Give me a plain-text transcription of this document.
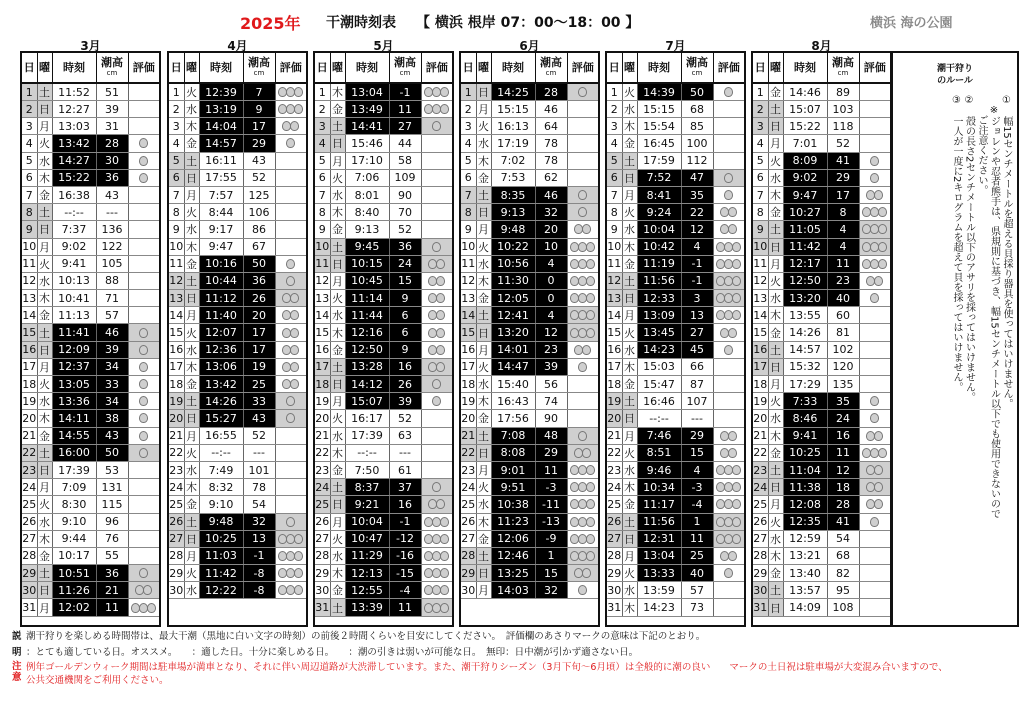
2025年 干潮時刻表 【 横浜 根岸 07：00〜18：00 】	横浜 海の公園
3月
日	曜	時刻	潮高
cm	評価
1	土	11:52	51	
2	日	12:27	39	
3	月	13:03	31	
4	火	13:42	28	
5	水	14:27	30	
6	木	15:22	36	
7	金	16:38	43	
8	土	--:--	---	
9	日	7:37	136	
10	月	9:02	122	
11	火	9:41	105	
12	水	10:13	88	
13	木	10:41	71	
14	金	11:13	57	
15	土	11:41	46	
16	日	12:09	39	
17	月	12:37	34	
18	火	13:05	33	
19	水	13:36	34	
20	木	14:11	38	
21	金	14:55	43	
22	土	16:00	50	
23	日	17:39	53	
24	月	7:09	131	
25	火	8:30	115	
26	水	9:10	96	
27	木	9:44	76	
28	金	10:17	55	
29	土	10:51	36	
30	日	11:26	21	
31	月	12:02	11	
4月
日	曜	時刻	潮高
cm	評価
1	火	12:39	7	
2	水	13:19	9	
3	木	14:04	17	
4	金	14:57	29	
5	土	16:11	43	
6	日	17:55	52	
7	月	7:57	125	
8	火	8:44	106	
9	水	9:17	86	
10	木	9:47	67	
11	金	10:16	50	
12	土	10:44	36	
13	日	11:12	26	
14	月	11:40	20	
15	火	12:07	17	
16	水	12:36	17	
17	木	13:06	19	
18	金	13:42	25	
19	土	14:26	33	
20	日	15:27	43	
21	月	16:55	52	
22	火	--:--	---	
23	水	7:49	101	
24	木	8:32	78	
25	金	9:10	54	
26	土	9:48	32	
27	日	10:25	13	
28	月	11:03	-1	
29	火	11:42	-8	
30	水	12:22	-8	
5月
日	曜	時刻	潮高
cm	評価
1	木	13:04	-1	
2	金	13:49	11	
3	土	14:41	27	
4	日	15:46	44	
5	月	17:10	58	
6	火	7:06	109	
7	水	8:01	90	
8	木	8:40	70	
9	金	9:13	52	
10	土	9:45	36	
11	日	10:15	24	
12	月	10:45	15	
13	火	11:14	9	
14	水	11:44	6	
15	木	12:16	6	
16	金	12:50	9	
17	土	13:28	16	
18	日	14:12	26	
19	月	15:07	39	
20	火	16:17	52	
21	水	17:39	63	
22	木	--:--	---	
23	金	7:50	61	
24	土	8:37	37	
25	日	9:21	16	
26	月	10:04	-1	
27	火	10:47	-12	
28	水	11:29	-16	
29	木	12:13	-15	
30	金	12:55	-4	
31	土	13:39	11	
6月
日	曜	時刻	潮高
cm	評価
1	日	14:25	28	
2	月	15:15	46	
3	火	16:13	64	
4	水	17:19	78	
5	木	7:02	78	
6	金	7:53	62	
7	土	8:35	46	
8	日	9:13	32	
9	月	9:48	20	
10	火	10:22	10	
11	水	10:56	4	
12	木	11:30	0	
13	金	12:05	0	
14	土	12:41	4	
15	日	13:20	12	
16	月	14:01	23	
17	火	14:47	39	
18	水	15:40	56	
19	木	16:43	74	
20	金	17:56	90	
21	土	7:08	48	
22	日	8:08	29	
23	月	9:01	11	
24	火	9:51	-3	
25	水	10:38	-11	
26	木	11:23	-13	
27	金	12:06	-9	
28	土	12:46	1	
29	日	13:25	15	
30	月	14:03	32	
7月
日	曜	時刻	潮高
cm	評価
1	火	14:39	50	
2	水	15:15	68	
3	木	15:54	85	
4	金	16:45	100	
5	土	17:59	112	
6	日	7:52	47	
7	月	8:41	35	
8	火	9:24	22	
9	水	10:04	12	
10	木	10:42	4	
11	金	11:19	-1	
12	土	11:56	-1	
13	日	12:33	3	
14	月	13:09	13	
15	火	13:45	27	
16	水	14:23	45	
17	木	15:03	66	
18	金	15:47	87	
19	土	16:46	107	
20	日	--:--	---	
21	月	7:46	29	
22	火	8:51	15	
23	水	9:46	4	
24	木	10:34	-3	
25	金	11:17	-4	
26	土	11:56	1	
27	日	12:31	11	
28	月	13:04	25	
29	火	13:33	40	
30	水	13:59	57	
31	木	14:23	73	
8月
日	曜	時刻	潮高
cm	評価
1	金	14:46	89	
2	土	15:07	103	
3	日	15:22	118	
4	月	7:01	52	
5	火	8:09	41	
6	水	9:02	29	
7	木	9:47	17	
8	金	10:27	8	
9	土	11:05	4	
10	日	11:42	4	
11	月	12:17	11	
12	火	12:50	23	
13	水	13:20	40	
14	木	13:55	60	
15	金	14:26	81	
16	土	14:57	102	
17	日	15:32	120	
18	月	17:29	135	
19	火	7:33	35	
20	水	8:46	24	
21	木	9:41	16	
22	金	10:25	11	
23	土	11:04	12	
24	日	11:38	18	
25	月	12:08	28	
26	火	12:35	41	
27	水	12:59	54	
28	木	13:21	68	
29	金	13:40	82	
30	土	13:57	95	
31	日	14:09	108	
潮干狩り
のルール
①　幅15センチメートルを超える貝採り器具を使ってはいけません。
　※ジョレンや忍者熊手は、県規則に基づき、幅15センチメートル以下でも使用できないので
　　ご注意ください。
②　殻の長さ2センチメートル以下のアサリを採ってはいけません。
③　一人が一度に2キログラムを超えて貝を採ってはいけません。
説 潮干狩りを楽しめる時間帯は、最大干潮（黒地に白い文字の時刻）の前後２時間くらいを目安にしてください。　評価欄のあさりマークの意味は下記のとおり。
明 ：とても適している日。オススメ。　　：適した日。十分に楽しめる日。　　：潮の引きは弱いが可能な日。　無印：日中潮が引かず適さない日。
注意
例年ゴールデンウィーク期間は駐車場が満車となり、それに伴い周辺道路が大渋滞しています。また、潮干狩りシーズン（3月下旬〜6月頃）は全般的に潮の良い　　マークの土日祝は駐車場が大変混み合いますので、
公共交通機関をご利用ください。
